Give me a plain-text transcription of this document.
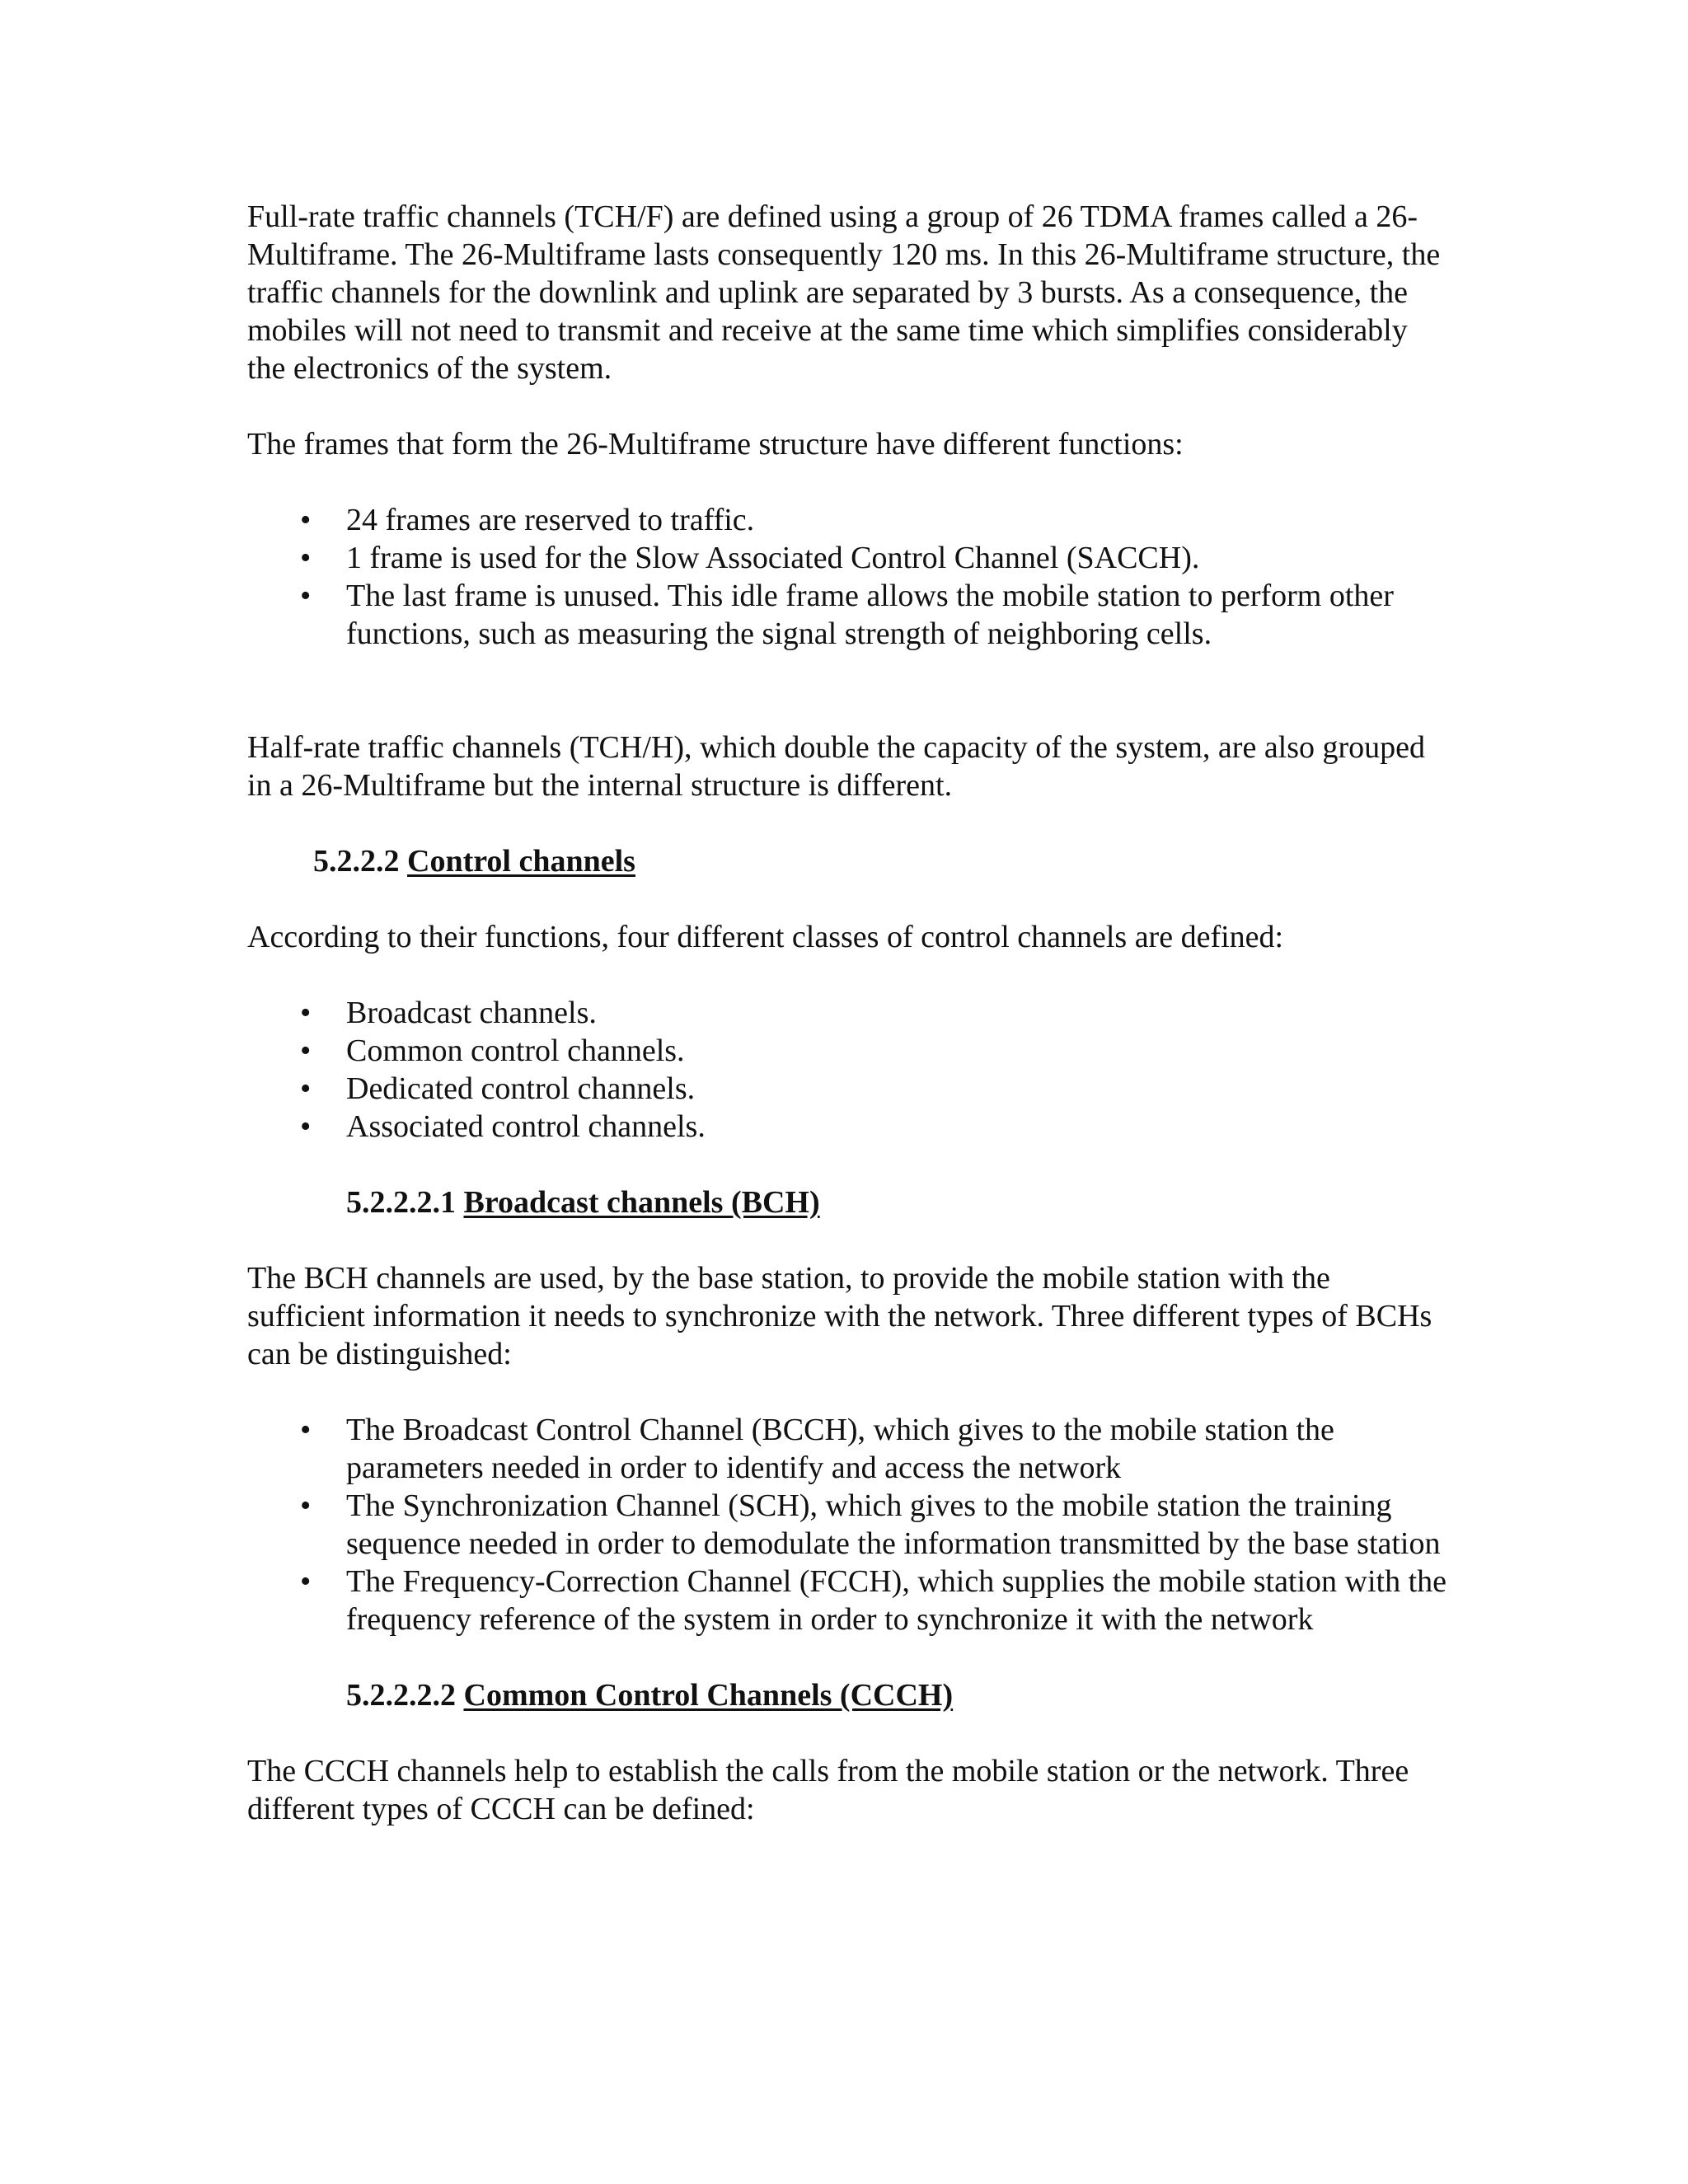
Full-rate traffic channels (TCH/F) are defined using a group of 26 TDMA frames called a 26-Multiframe. The 26-Multiframe lasts consequently 120 ms. In this 26-Multiframe structure, the traffic channels for the downlink and uplink are separated by 3 bursts. As a consequence, the mobiles will not need to transmit and receive at the same time which simplifies considerably the electronics of the system.

The frames that form the 26-Multiframe structure have different functions:

• 24 frames are reserved to traffic.
• 1 frame is used for the Slow Associated Control Channel (SACCH).
• The last frame is unused. This idle frame allows the mobile station to perform other functions, such as measuring the signal strength of neighboring cells.

Half-rate traffic channels (TCH/H), which double the capacity of the system, are also grouped in a 26-Multiframe but the internal structure is different.

5.2.2.2 Control channels

According to their functions, four different classes of control channels are defined:

• Broadcast channels.
• Common control channels.
• Dedicated control channels.
• Associated control channels.
5.2.2.2.1 Broadcast channels (BCH)

The BCH channels are used, by the base station, to provide the mobile station with the sufficient information it needs to synchronize with the network. Three different types of BCHs can be distinguished:

• The Broadcast Control Channel (BCCH), which gives to the mobile station the parameters needed in order to identify and access the network
• The Synchronization Channel (SCH), which gives to the mobile station the training sequence needed in order to demodulate the information transmitted by the base station
• The Frequency-Correction Channel (FCCH), which supplies the mobile station with the frequency reference of the system in order to synchronize it with the network
5.2.2.2.2 Common Control Channels (CCCH)

The CCCH channels help to establish the calls from the mobile station or the network. Three different types of CCCH can be defined:
